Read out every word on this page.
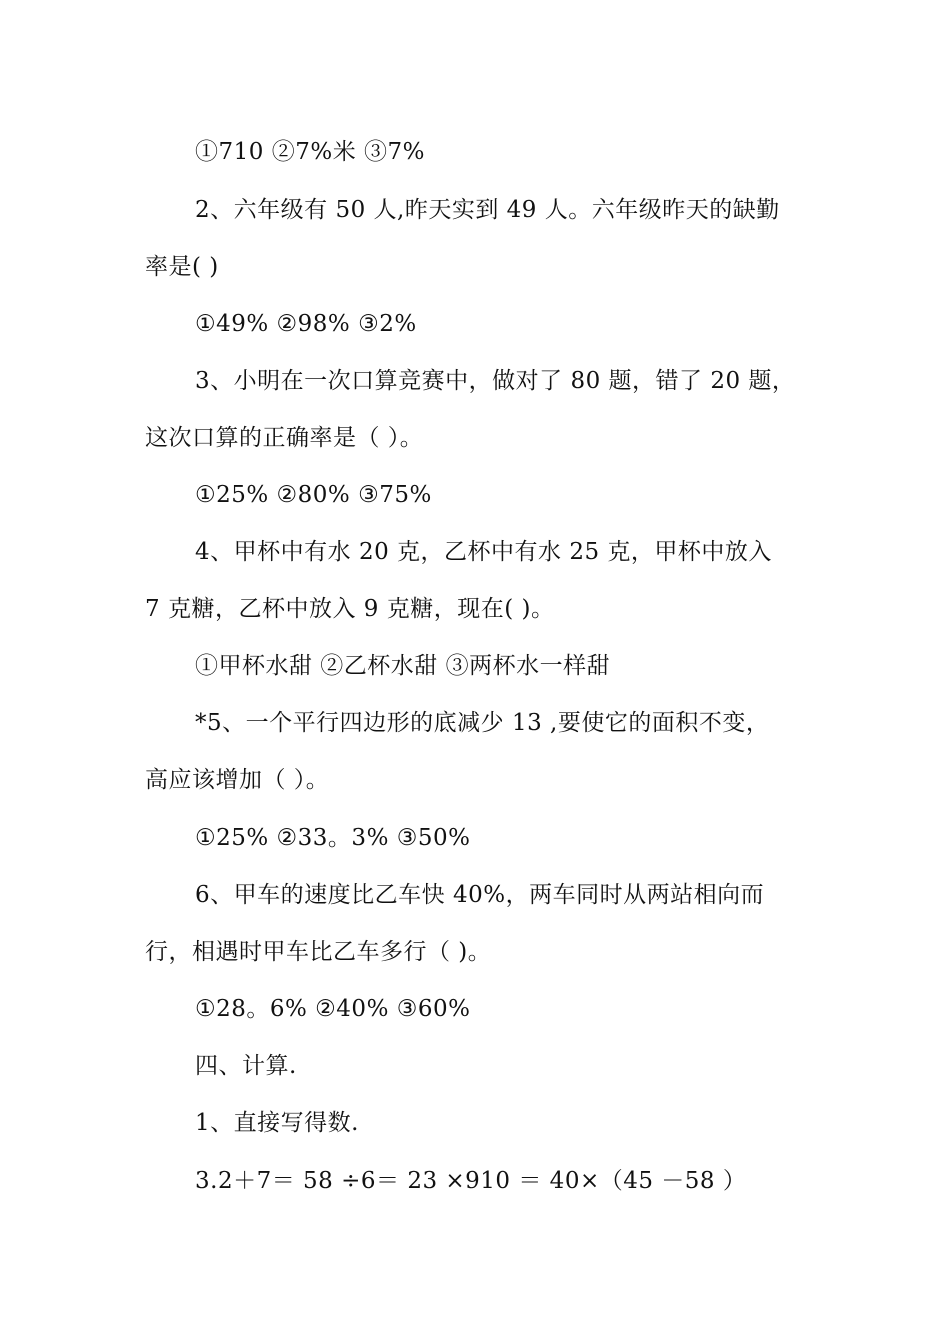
①710 ②7%米 ③7%
2、六年级有 50 人,昨天实到 49 人。六年级昨天的缺勤
率是( )
①49% ②98% ③2%
3、小明在一次口算竞赛中，做对了 80 题，错了 20 题，
这次口算的正确率是（ ）。
①25% ②80% ③75%
4、甲杯中有水 20 克，乙杯中有水 25 克，甲杯中放入
7 克糖，乙杯中放入 9 克糖，现在( )。
①甲杯水甜 ②乙杯水甜 ③两杯水一样甜
*5、一个平行四边形的底减少 13 ,要使它的面积不变，
高应该增加（ ）。
①25% ②33。3% ③50%
6、甲车的速度比乙车快 40%，两车同时从两站相向而
行，相遇时甲车比乙车多行（ )。
①28。6% ②40% ③60%
四、计算.
1、直接写得数.
3.2＋7＝ 58 ÷6＝ 23 ×910 ＝ 40×（45 －58 ）
